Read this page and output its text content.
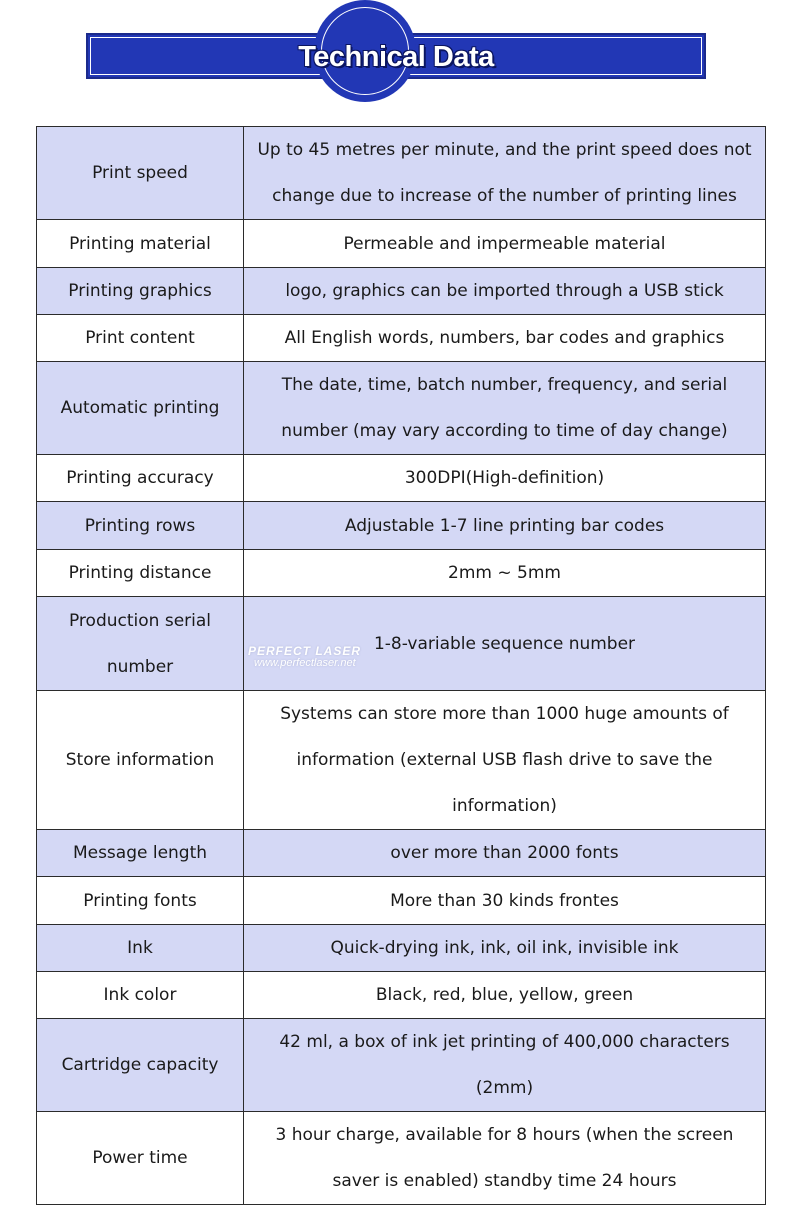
Technical Data
Print speed	Up to 45 metres per minute, and the print speed does not change due to increase of the number of printing lines
Printing material	Permeable and impermeable material
Printing graphics	logo, graphics can be imported through a USB stick
Print content	All English words, numbers, bar codes and graphics
Automatic printing	The date, time, batch number, frequency, and serial number (may vary according to time of day change)
Printing accuracy	300DPI(High-definition)
Printing rows	Adjustable 1-7 line printing bar codes
Printing distance	2mm ~ 5mm
Production serial number	1-8-variable sequence number
Store information	Systems can store more than 1000 huge amounts of information (external USB flash drive to save the information)
Message length	over more than 2000 fonts
Printing fonts	More than 30 kinds frontes
Ink	Quick-drying ink, ink, oil ink, invisible ink
Ink color	Black, red, blue, yellow, green
Cartridge capacity	42 ml, a box of ink jet printing of 400,000 characters (2mm)
Power time	3 hour charge, available for 8 hours (when the screen saver is enabled) standby time 24 hours
PERFECT LASER
www.perfectlaser.net
